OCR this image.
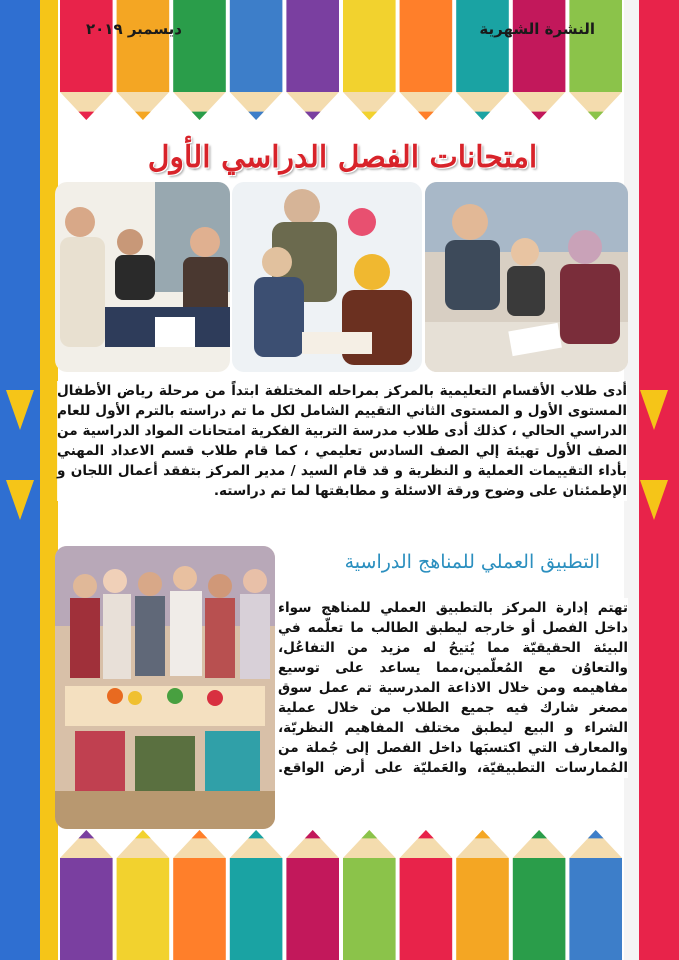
ديسمبر ٢٠١٩	النشرة الشهرية
امتحانات الفصل الدراسي الأول
أدى طلاب الأقسام التعليمية بالمركز بمراحله المختلفة ابتداً من مرحلة رياض الأطفال المستوى الأول و المستوى الثاني التقييم الشامل لكل ما تم دراسته بالترم الأول للعام الدراسي الحالي ، كذلك أدى طلاب مدرسة التربية الفكرية امتحانات المواد الدراسية من الصف الأول تهيئة إلي الصف السادس تعليمي ، كما قام طلاب قسم الاعداد المهني بأداء التقييمات العملية و النظرية و قد قام السيد / مدير المركز بتفقد أعمال اللجان و الإطمئنان على وضوح ورقة الاسئلة و مطابقتها لما تم دراسته.
التطبيق العملي للمناهج الدراسية
تهتم إدارة المركز بالتطبيق العملي للمناهج سواء داخل الفصل أو خارجه ليطبق الطالب ما تعلّمه في البيئة الحقيقيّة مما يُتيحُ له مزيد من التفاعُل، والتعاوُن مع المُعلّمين،مما يساعد على توسيع مفاهيمه ومن خلال الاذاعة المدرسية تم عمل سوق مصغر شارك فيه جميع الطلاب من خلال عملية الشراء و البيع ليطبق مختلف المفاهيم النظريّة، والمعارف التي اكتسبَها داخل الفصل إلى جُملة من المُمارسات التطبيقيّة، والعَمليّة على أرض الواقع.
